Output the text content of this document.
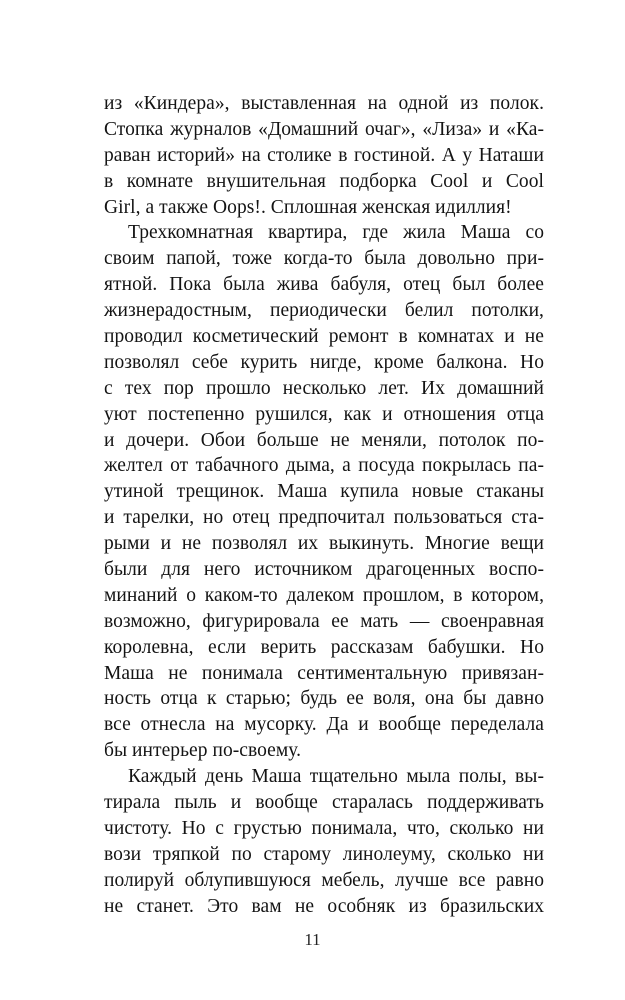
из «Киндера», выставленная на одной из полок.
Стопка журналов «Домашний очаг», «Лиза» и «Ка-
раван историй» на столике в гостиной. А у Наташи
в комнате внушительная подборка Cool и Cool
Girl, а также Oops!. Сплошная женская идиллия!
Трехкомнатная квартира, где жила Маша со
своим папой, тоже когда-то была довольно при-
ятной. Пока была жива бабуля, отец был более
жизнерадостным, периодически белил потолки,
проводил косметический ремонт в комнатах и не
позволял себе курить нигде, кроме балкона. Но
с тех пор прошло несколько лет. Их домашний
уют постепенно рушился, как и отношения отца
и дочери. Обои больше не меняли, потолок по-
желтел от табачного дыма, а посуда покрылась па-
утиной трещинок. Маша купила новые стаканы
и тарелки, но отец предпочитал пользоваться ста-
рыми и не позволял их выкинуть. Многие вещи
были для него источником драгоценных воспо-
минаний о каком-то далеком прошлом, в котором,
возможно, фигурировала ее мать — своенравная
королевна, если верить рассказам бабушки. Но
Маша не понимала сентиментальную привязан-
ность отца к старью; будь ее воля, она бы давно
все отнесла на мусорку. Да и вообще переделала
бы интерьер по-своему.
Каждый день Маша тщательно мыла полы, вы-
тирала пыль и вообще старалась поддерживать
чистоту. Но с грустью понимала, что, сколько ни
вози тряпкой по старому линолеуму, сколько ни
полируй облупившуюся мебель, лучше все равно
не станет. Это вам не особняк из бразильских
11
